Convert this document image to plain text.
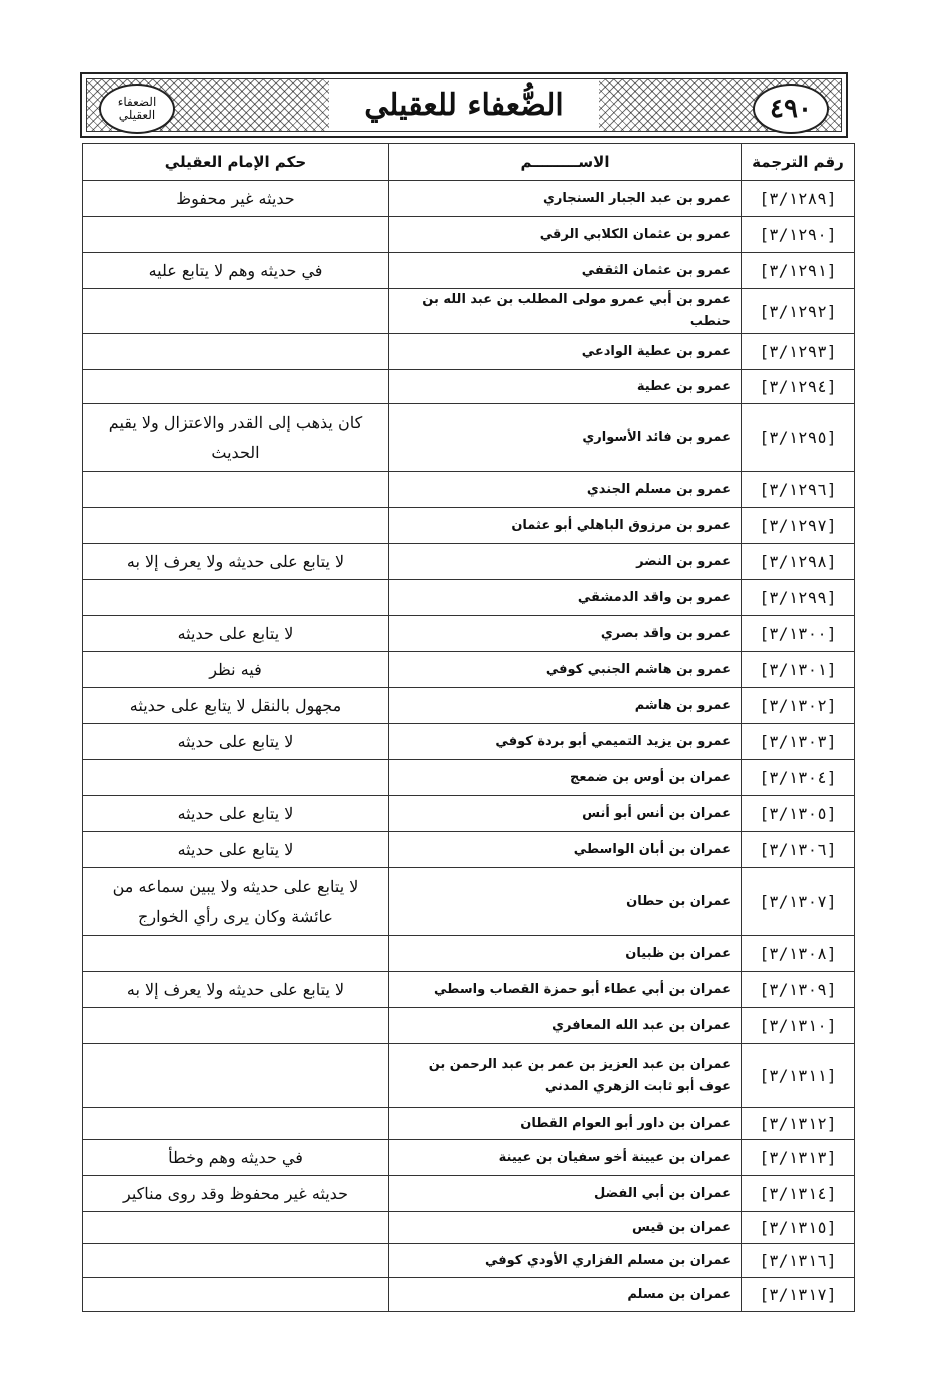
٤٩٠
الضُّعفاء للعقيلي
الضعفاء العقيلي
رقم الترجمة	الاســـــــــم	حكم الإمام العقيلي
[٣/١٢٨٩]	عمرو بن عبد الجبار السنجاري	حديثه غير محفوظ
[٣/١٢٩٠]	عمرو بن عثمان الكلابي الرقي	
[٣/١٢٩١]	عمرو بن عثمان الثقفي	في حديثه وهم لا يتابع عليه
[٣/١٢٩٢]	عمرو بن أبي عمرو مولى المطلب بن عبد الله بن حنطب	
[٣/١٢٩٣]	عمرو بن عطية الوادعي	
[٣/١٢٩٤]	عمرو بن عطية	
[٣/١٢٩٥]	عمرو بن فائد الأسواري	كان يذهب إلى القدر والاعتزال ولا يقيم الحديث
[٣/١٢٩٦]	عمرو بن مسلم الجندي	
[٣/١٢٩٧]	عمرو بن مرزوق الباهلي أبو عثمان	
[٣/١٢٩٨]	عمرو بن النضر	لا يتابع على حديثه ولا يعرف إلا به
[٣/١٢٩٩]	عمرو بن واقد الدمشقي	
[٣/١٣٠٠]	عمرو بن واقد بصري	لا يتابع على حديثه
[٣/١٣٠١]	عمرو بن هاشم الجنبي كوفي	فيه نظر
[٣/١٣٠٢]	عمرو بن هاشم	مجهول بالنقل لا يتابع على حديثه
[٣/١٣٠٣]	عمرو بن يزيد التميمي أبو بردة كوفي	لا يتابع على حديثه
[٣/١٣٠٤]	عمران بن أوس بن ضمعج	
[٣/١٣٠٥]	عمران بن أنس أبو أنس	لا يتابع على حديثه
[٣/١٣٠٦]	عمران بن أبان الواسطي	لا يتابع على حديثه
[٣/١٣٠٧]	عمران بن حطان	لا يتابع على حديثه ولا يبين سماعه من عائشة وكان يرى رأي الخوارج
[٣/١٣٠٨]	عمران بن ظبيان	
[٣/١٣٠٩]	عمران بن أبي عطاء أبو حمزة القصاب واسطي	لا يتابع على حديثه ولا يعرف إلا به
[٣/١٣١٠]	عمران بن عبد الله المعافري	
[٣/١٣١١]	عمران بن عبد العزيز بن عمر بن عبد الرحمن بن عوف أبو ثابت الزهري المدني	
[٣/١٣١٢]	عمران بن داور أبو العوام القطان	
[٣/١٣١٣]	عمران بن عيينة أخو سفيان بن عيينة	في حديثه وهم وخطأ
[٣/١٣١٤]	عمران بن أبي الفضل	حديثه غير محفوظ وقد روى مناكير
[٣/١٣١٥]	عمران بن قيس	
[٣/١٣١٦]	عمران بن مسلم الفزاري الأودي كوفي	
[٣/١٣١٧]	عمران بن مسلم	
